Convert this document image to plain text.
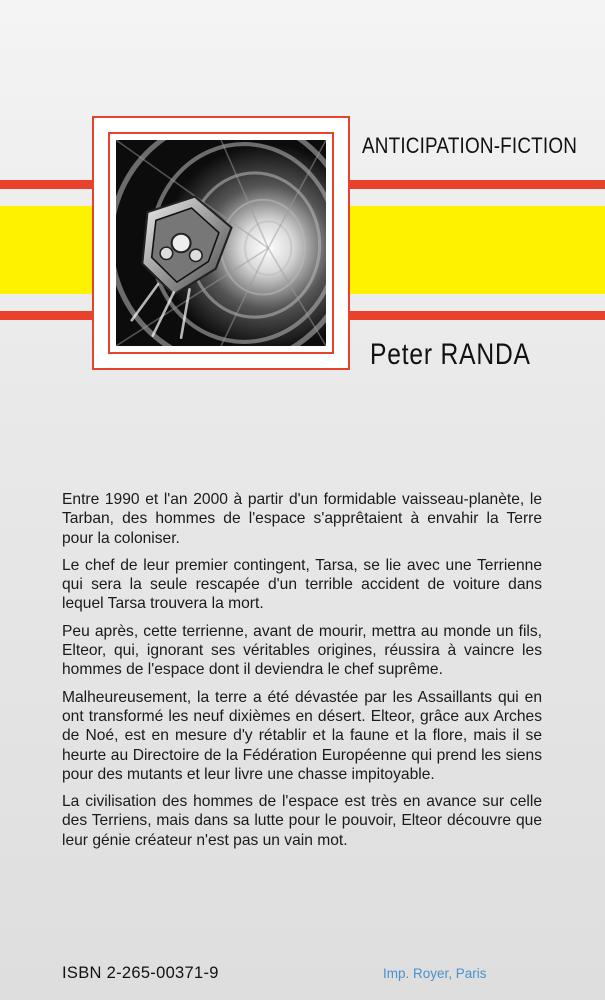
ANTICIPATION-FICTION
Peter RANDA

Entre 1990 et l'an 2000 à partir d'un formidable vaisseau-planète, le Tarban, des hommes de l'espace s'apprêtaient à envahir la Terre pour la coloniser.

Le chef de leur premier contingent, Tarsa, se lie avec une Terrienne qui sera la seule rescapée d'un terrible accident de voiture dans lequel Tarsa trouvera la mort.

Peu après, cette terrienne, avant de mourir, mettra au monde un fils, Elteor, qui, ignorant ses véritables origines, réussira à vaincre les hommes de l'espace dont il deviendra le chef suprême.

Malheureusement, la terre a été dévastée par les Assaillants qui en ont transformé les neuf dixièmes en désert. Elteor, grâce aux Arches de Noé, est en mesure d'y rétablir et la faune et la flore, mais il se heurte au Directoire de la Fédération Européenne qui prend les siens pour des mutants et leur livre une chasse impitoyable.

La civilisation des hommes de l'espace est très en avance sur celle des Terriens, mais dans sa lutte pour le pouvoir, Elteor découvre que leur génie créateur n'est pas un vain mot.

ISBN 2-265-00371-9	Imp. Royer, Paris
